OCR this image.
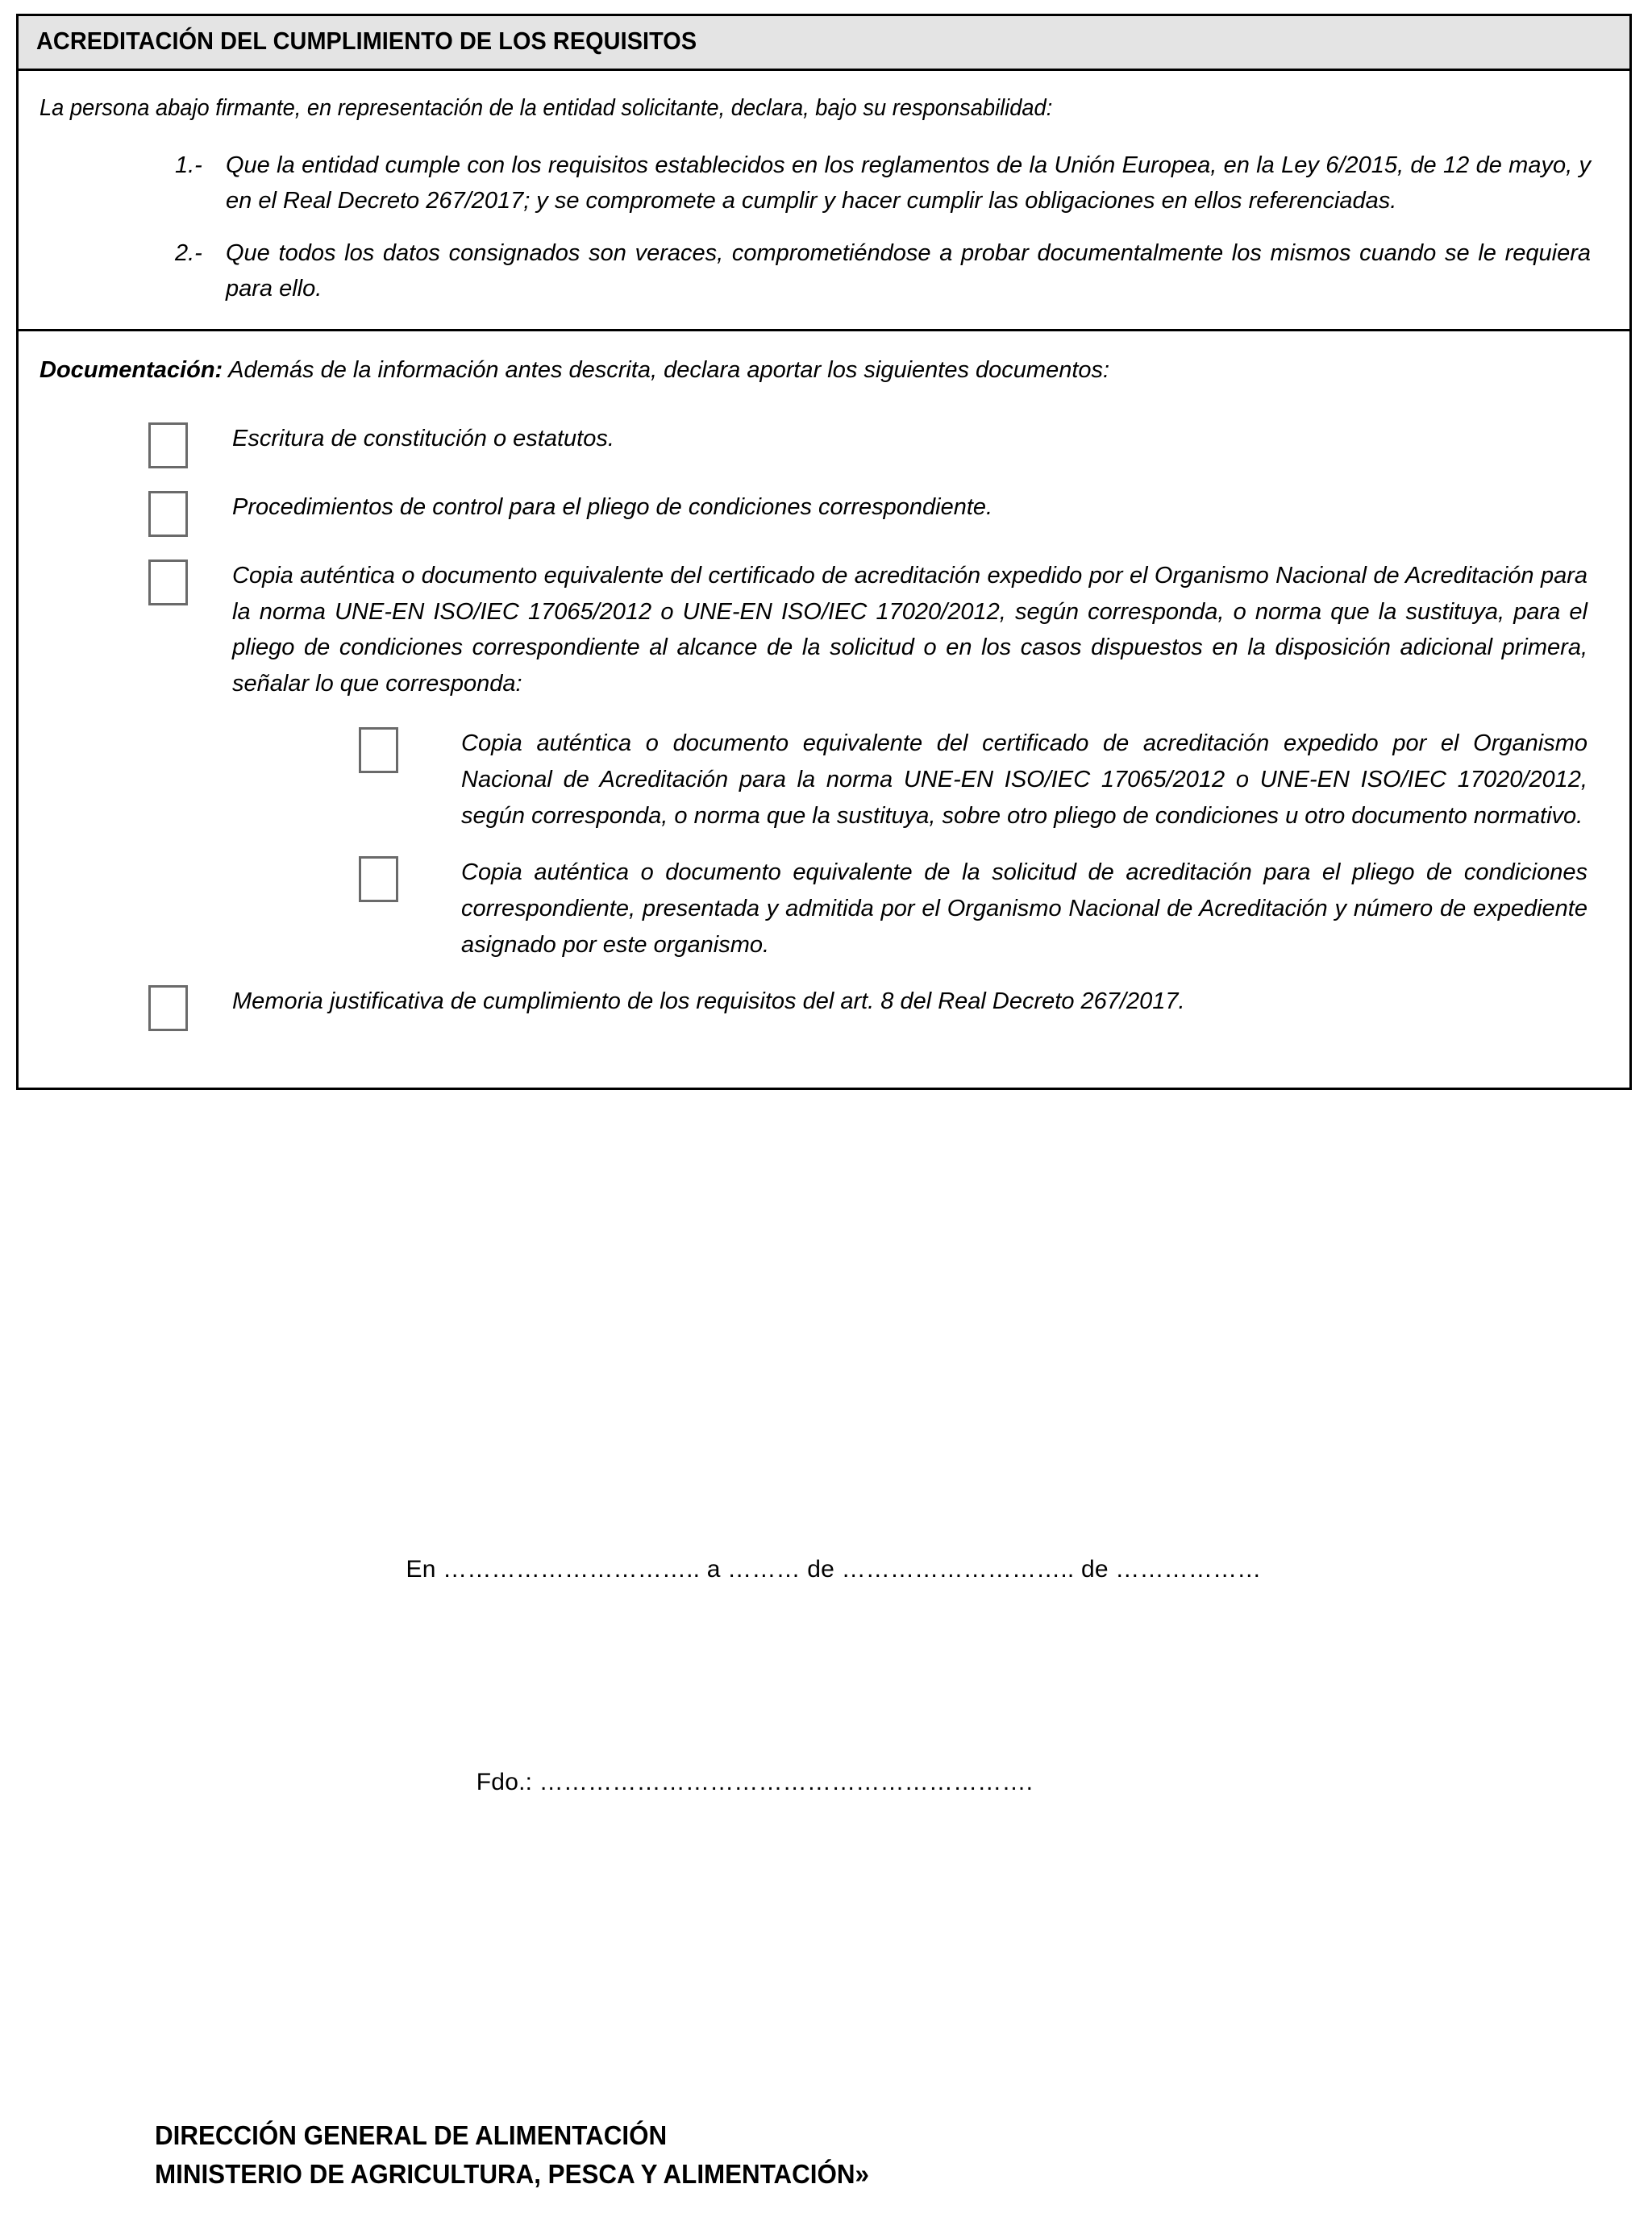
ACREDITACIÓN DEL CUMPLIMIENTO DE LOS REQUISITOS
La persona abajo firmante, en representación de la entidad solicitante, declara, bajo su responsabilidad:
1.- Que la entidad cumple con los requisitos establecidos en los reglamentos de la Unión Europea, en la Ley 6/2015, de 12 de mayo, y en el Real Decreto 267/2017; y se compromete a cumplir y hacer cumplir las obligaciones en ellos referenciadas.
2.- Que todos los datos consignados son veraces, comprometiéndose a probar documentalmente los mismos cuando se le requiera para ello.
Documentación: Además de la información antes descrita, declara aportar los siguientes documentos:
Escritura de constitución o estatutos.
Procedimientos de control para el pliego de condiciones correspondiente.
Copia auténtica o documento equivalente del certificado de acreditación expedido por el Organismo Nacional de Acreditación para la norma UNE-EN ISO/IEC 17065/2012 o UNE-EN ISO/IEC 17020/2012, según corresponda, o norma que la sustituya, para el pliego de condiciones correspondiente al alcance de la solicitud o en los casos dispuestos en la disposición adicional primera, señalar lo que corresponda:
Copia auténtica o documento equivalente del certificado de acreditación expedido por el Organismo Nacional de Acreditación para la norma UNE-EN ISO/IEC 17065/2012 o UNE-EN ISO/IEC 17020/2012, según corresponda, o norma que la sustituya, sobre otro pliego de condiciones u otro documento normativo.
Copia auténtica o documento equivalente de la solicitud de acreditación para el pliego de condiciones correspondiente, presentada y admitida por el Organismo Nacional de Acreditación y número de expediente asignado por este organismo.
Memoria justificativa de cumplimiento de los requisitos del art. 8 del Real Decreto 267/2017.
En ………………………….. a ……… de ……………………….. de ………………
Fdo.: …………………………………………………….
DIRECCIÓN GENERAL DE ALIMENTACIÓN
MINISTERIO DE AGRICULTURA, PESCA Y ALIMENTACIÓN»
